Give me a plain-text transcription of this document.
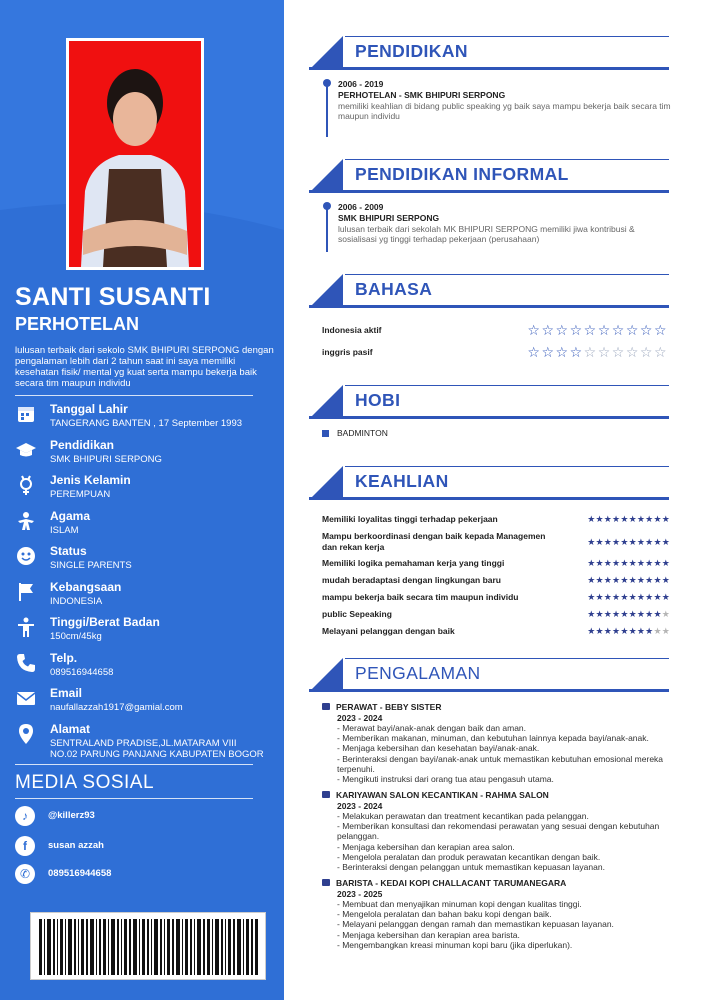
SANTI SUSANTI
PERHOTELAN
lulusan terbaik dari sekolo SMK BHIPURI SERPONG dengan pengalaman lebih dari 2 tahun saat ini saya memiliki kesehatan fisik/ mental yg kuat serta mampu bekerja baik secara tim maupun individu
Tanggal Lahir
TANGERANG BANTEN , 17 September 1993
Pendidikan
SMK BHIPURI SERPONG
Jenis Kelamin
PEREMPUAN
Agama
ISLAM
Status
SINGLE PARENTS
Kebangsaan
INDONESIA
Tinggi/Berat Badan
150cm/45kg
Telp.
089516944658
Email
naufallazzah1917@gamial.com
Alamat
SENTRALAND PRADISE,JL.MATARAM VIII
NO.02 PARUNG PANJANG KABUPATEN BOGOR
MEDIA SOSIAL
♪	@killerz93
f	susan azzah
✆	089516944658
PENDIDIKAN
2006 - 2019
PERHOTELAN - SMK BHIPURI SERPONG
memiliki keahlian di bidang public speaking yg baik saya mampu bekerja baik secara tim maupun individu
PENDIDIKAN INFORMAL
2006 - 2009
SMK BHIPURI SERPONG
lulusan terbaik dari sekolah MK BHIPURI SERPONG memiliki jiwa kontribusi & sosialisasi yg tinggi terhadap pekerjaan (perusahaan)
BAHASA
Indonesia aktif	☆☆☆☆☆☆☆☆☆☆
inggris pasif	☆☆☆☆☆☆☆☆☆☆
HOBI
BADMINTON
KEAHLIAN
Memiliki loyalitas tinggi terhadap pekerjaan	★★★★★★★★★★
Mampu berkoordinasi dengan baik kepada Managemen dan rekan kerja	★★★★★★★★★★
Memiliki logika pemahaman kerja yang tinggi	★★★★★★★★★★
mudah beradaptasi dengan lingkungan baru	★★★★★★★★★★
mampu bekerja baik secara tim maupun individu	★★★★★★★★★★
public Sepeaking	★★★★★★★★★★
Melayani pelanggan dengan baik	★★★★★★★★★★
PENGALAMAN
PERAWAT - BEBY SISTER
2023 - 2024
- Merawat bayi/anak-anak dengan baik dan aman.
- Memberikan makanan, minuman, dan kebutuhan lainnya kepada bayi/anak-anak.
- Menjaga kebersihan dan kesehatan bayi/anak-anak.
- Berinteraksi dengan bayi/anak-anak untuk memastikan kebutuhan emosional mereka terpenuhi.
- Mengikuti instruksi dari orang tua atau pengasuh utama.
KARIYAWAN SALON KECANTIKAN - RAHMA SALON
2023 - 2024
- Melakukan perawatan dan treatment kecantikan pada pelanggan.
- Memberikan konsultasi dan rekomendasi perawatan yang sesuai dengan kebutuhan pelanggan.
- Menjaga kebersihan dan kerapian area salon.
- Mengelola peralatan dan produk perawatan kecantikan dengan baik.
- Berinteraksi dengan pelanggan untuk memastikan kepuasan layanan.
BARISTA - KEDAI KOPI CHALLACANT TARUMANEGARA
2023 - 2025
- Membuat dan menyajikan minuman kopi dengan kualitas tinggi.
- Mengelola peralatan dan bahan baku kopi dengan baik.
- Melayani pelanggan dengan ramah dan memastikan kepuasan layanan.
- Menjaga kebersihan dan kerapian area barista.
- Mengembangkan kreasi minuman kopi baru (jika diperlukan).
